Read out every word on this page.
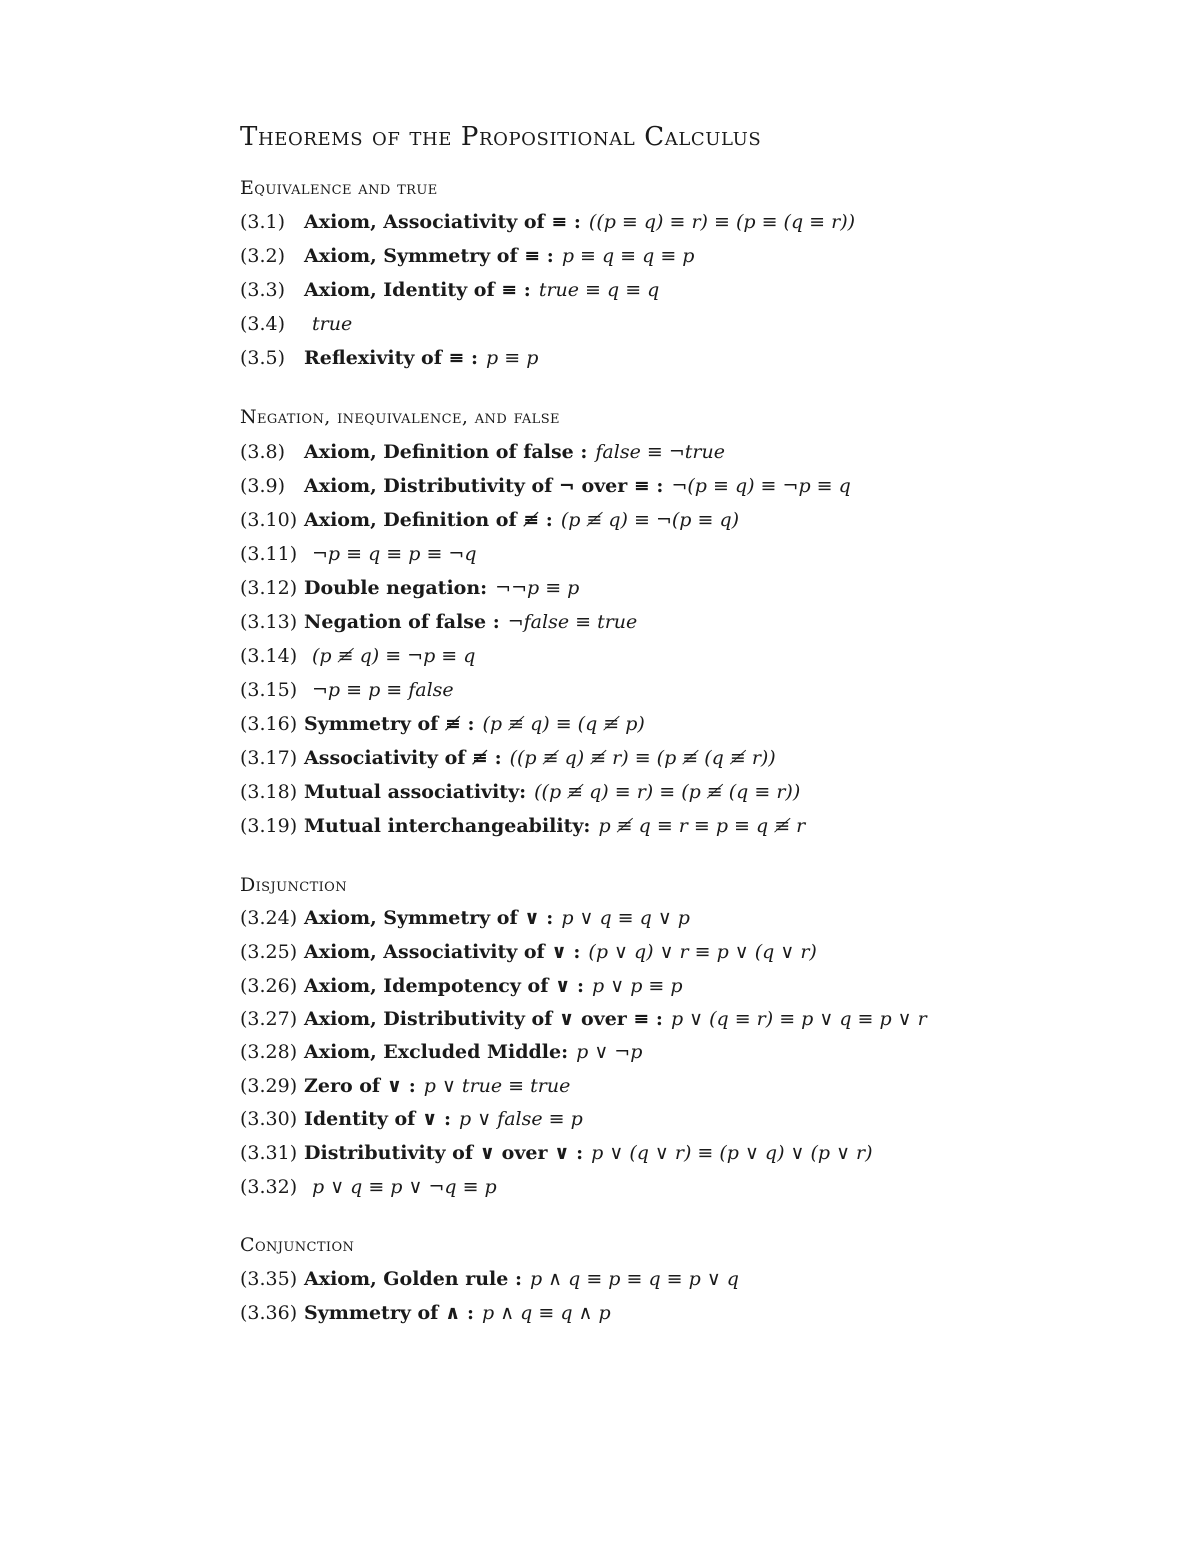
Theorems of the Propositional Calculus
Equivalence and true
(3.1) Axiom, Associativity of ≡ : ((p ≡ q) ≡ r) ≡ (p ≡ (q ≡ r))
(3.2) Axiom, Symmetry of ≡ : p ≡ q ≡ q ≡ p
(3.3) Axiom, Identity of ≡ : true ≡ q ≡ q
(3.4) true
(3.5) Reflexivity of ≡ : p ≡ p
Negation, inequivalence, and false
(3.8) Axiom, Definition of false : false ≡ ¬true
(3.9) Axiom, Distributivity of ¬ over ≡ : ¬(p ≡ q) ≡ ¬p ≡ q
(3.10) Axiom, Definition of ≢ : (p ≢ q) ≡ ¬(p ≡ q)
(3.11) ¬p ≡ q ≡ p ≡ ¬q
(3.12) Double negation: ¬¬p ≡ p
(3.13) Negation of false : ¬false ≡ true
(3.14) (p ≢ q) ≡ ¬p ≡ q
(3.15) ¬p ≡ p ≡ false
(3.16) Symmetry of ≢ : (p ≢ q) ≡ (q ≢ p)
(3.17) Associativity of ≢ : ((p ≢ q) ≢ r) ≡ (p ≢ (q ≢ r))
(3.18) Mutual associativity: ((p ≢ q) ≡ r) ≡ (p ≢ (q ≡ r))
(3.19) Mutual interchangeability: p ≢ q ≡ r ≡ p ≡ q ≢ r
Disjunction
(3.24) Axiom, Symmetry of ∨ : p ∨ q ≡ q ∨ p
(3.25) Axiom, Associativity of ∨ : (p ∨ q) ∨ r ≡ p ∨ (q ∨ r)
(3.26) Axiom, Idempotency of ∨ : p ∨ p ≡ p
(3.27) Axiom, Distributivity of ∨ over ≡ : p ∨ (q ≡ r) ≡ p ∨ q ≡ p ∨ r
(3.28) Axiom, Excluded Middle: p ∨ ¬p
(3.29) Zero of ∨ : p ∨ true ≡ true
(3.30) Identity of ∨ : p ∨ false ≡ p
(3.31) Distributivity of ∨ over ∨ : p ∨ (q ∨ r) ≡ (p ∨ q) ∨ (p ∨ r)
(3.32) p ∨ q ≡ p ∨ ¬q ≡ p
Conjunction
(3.35) Axiom, Golden rule : p ∧ q ≡ p ≡ q ≡ p ∨ q
(3.36) Symmetry of ∧ : p ∧ q ≡ q ∧ p
